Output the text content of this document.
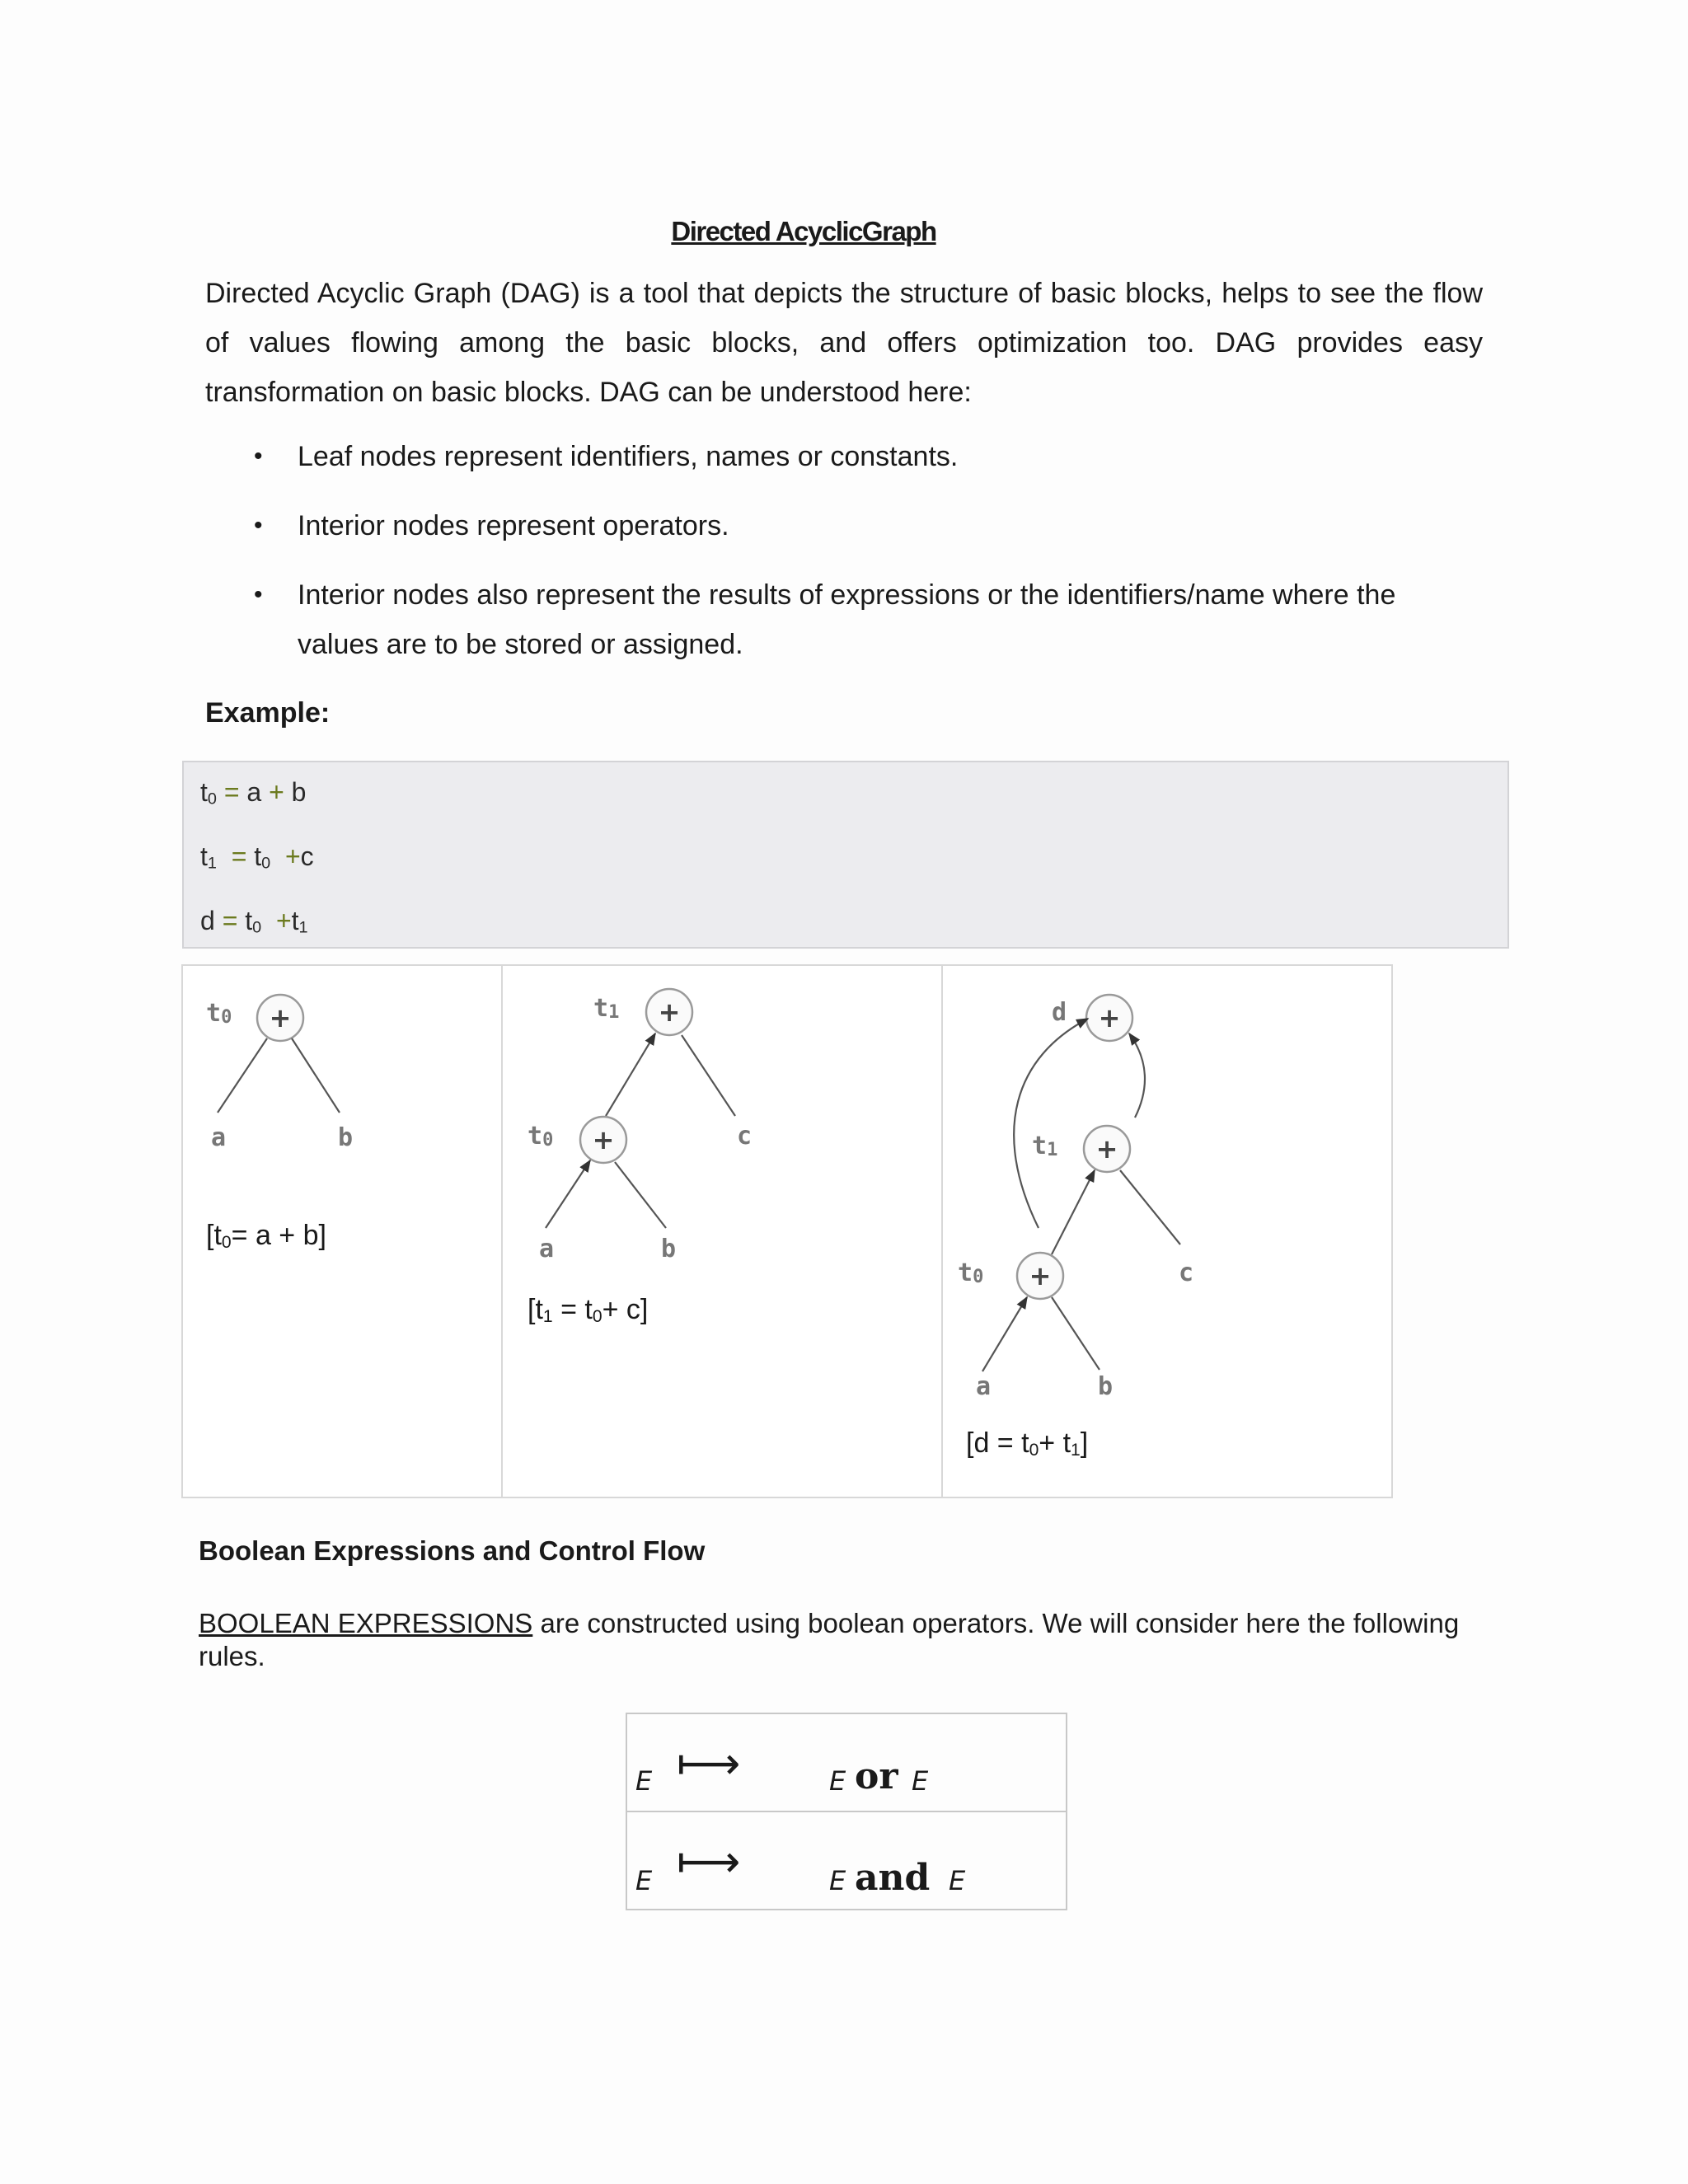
Directed AcyclicGraph
Directed Acyclic Graph (DAG) is a tool that depicts the structure of basic blocks, helps to see the flow of values flowing among the basic blocks, and offers optimization too. DAG provides easy transformation on basic blocks. DAG can be understood here:
• Leaf nodes represent identifiers, names or constants.
• Interior nodes represent operators.
• Interior nodes also represent the results of expressions or the identifiers/name where the values are to be stored or assigned.
Example:
$t_0 = a + b$
$t_1 = t_0 +c$
$d = t_0 +t_1$
t0 +
a	b
t1 +
t0 +	c
a	b
d +
t1 +
t0 +	c
a	b
$[t_0= a + b]$
$[t_1 = t_0+ c]$
$[d = t_0+ t_1]$
Boolean Expressions and Control Flow
BOOLEAN EXPRESSIONS are constructed using boolean operators. We will consider here the following rules.
E ⟼	E or E
E ⟼	E and E
